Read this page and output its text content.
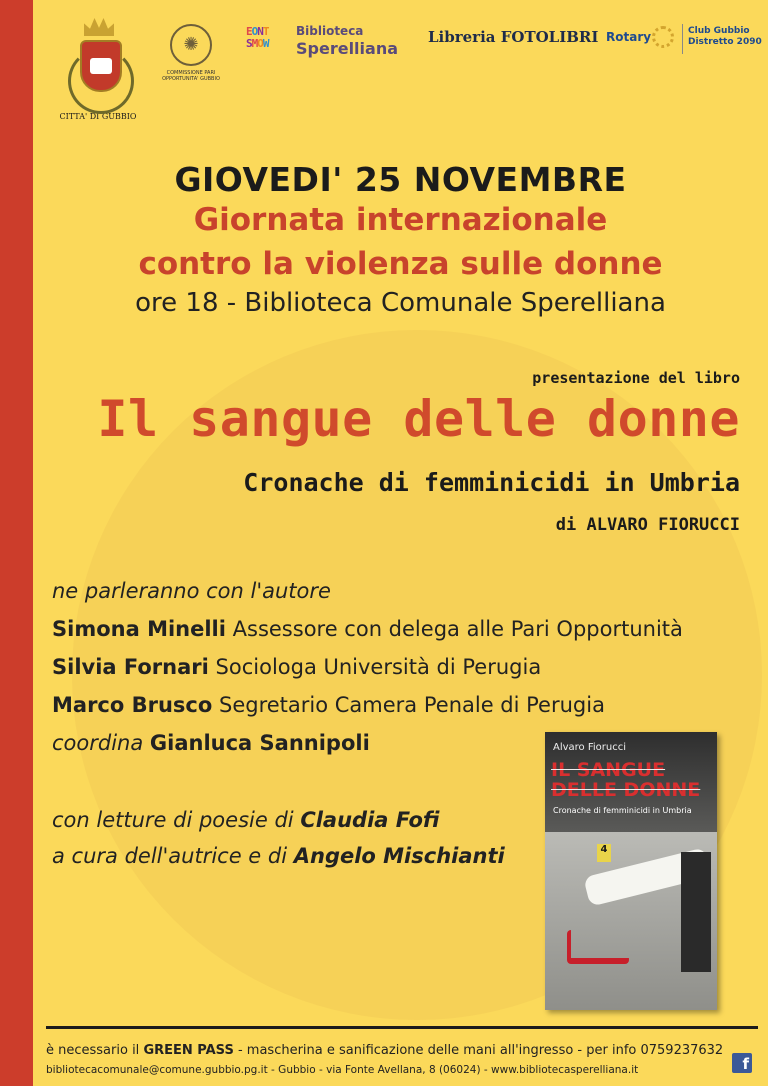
CITTA' DI GUBBIO
✺
COMMISSIONE PARI OPPORTUNITA' GUBBIO
EONT
SMOW
Biblioteca
Sperelliana
Libreria FOTOLIBRI Rotary	Club Gubbio
Distretto 2090
GIOVEDI' 25 NOVEMBRE
Giornata internazionale
contro la violenza sulle donne
ore 18 - Biblioteca Comunale Sperelliana
presentazione del libro
Il sangue delle donne
Cronache di femminicidi in Umbria
di ALVARO FIORUCCI
ne parleranno con l'autore
Simona Minelli Assessore con delega alle Pari Opportunità
Silvia Fornari Sociologa Università di Perugia
Marco Brusco Segretario Camera Penale di Perugia
coordina Gianluca Sannipoli
con letture di poesie di Claudia Fofi
a cura dell'autrice e di Angelo Mischianti
Alvaro Fiorucci
IL SANGUE
DELLE DONNE
Cronache di femminicidi in Umbria
4
è necessario il GREEN PASS - mascherina e sanificazione delle mani all'ingresso - per info 0759237632
bibliotecacomunale@comune.gubbio.pg.it - Gubbio - via Fonte Avellana, 8 (06024) - www.bibliotecasperelliana.it	f
